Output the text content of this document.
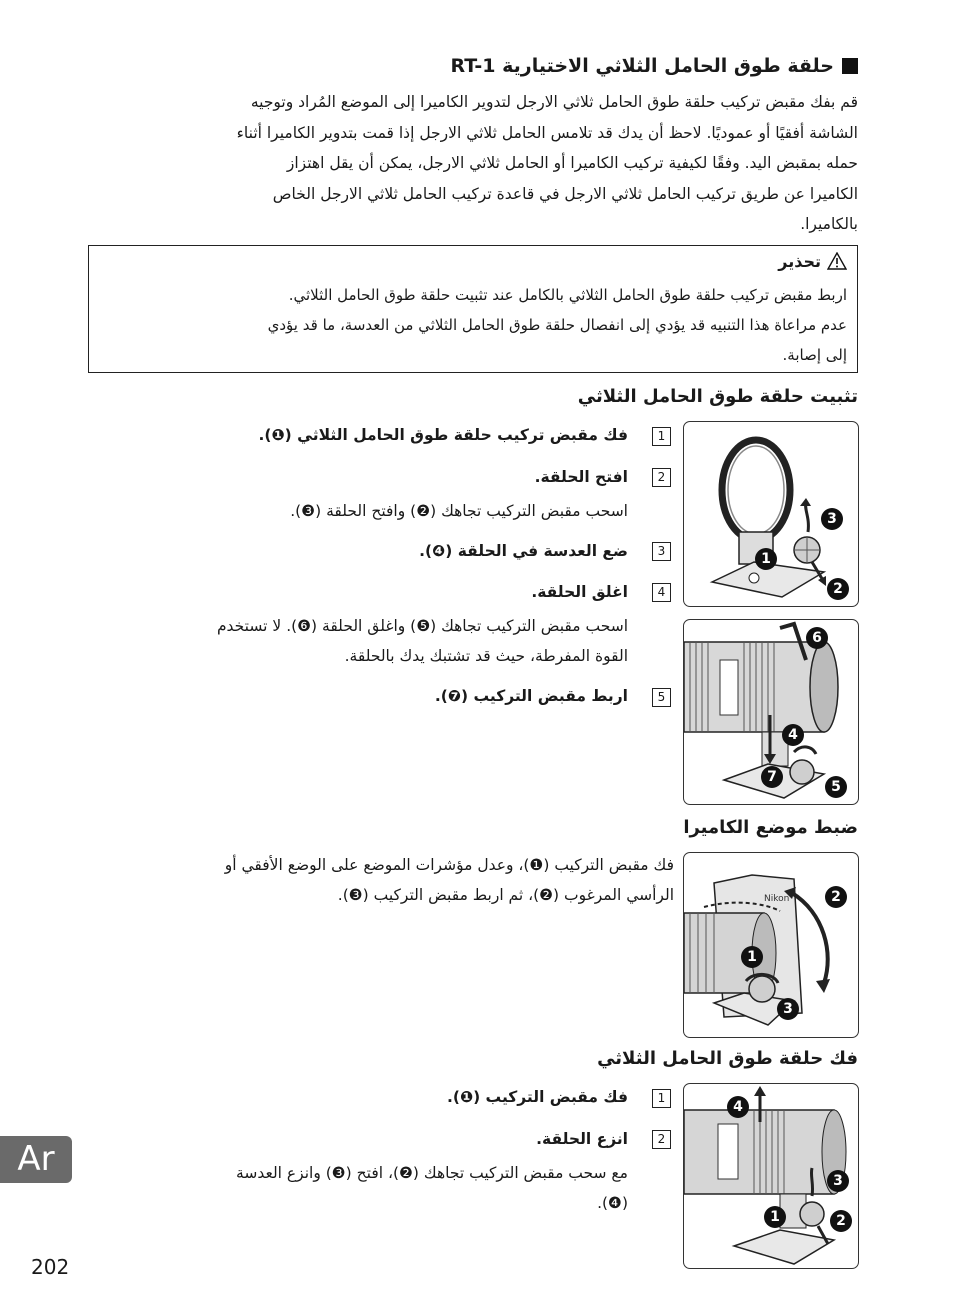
حلقة طوق الحامل الثلاثي الاختيارية RT-1
قم بفك مقبض تركيب حلقة طوق الحامل ثلاثي الارجل لتدوير الكاميرا إلى الموضع المُراد وتوجيه
الشاشة أفقيًا أو عموديًا. لاحظ أن يدك قد تلامس الحامل ثلاثي الارجل إذا قمت بتدوير الكاميرا أثناء
حمله بمقبض اليد. وفقًا لكيفية تركيب الكاميرا أو الحامل ثلاثي الارجل، يمكن أن يقل اهتزاز
الكاميرا عن طريق تركيب الحامل ثلاثي الارجل في قاعدة تركيب الحامل ثلاثي الارجل الخاص
بالكاميرا.
تحذير
اربط مقبض تركيب حلقة طوق الحامل الثلاثي بالكامل عند تثبيت حلقة طوق الحامل الثلاثي.
عدم مراعاة هذا التنبيه قد يؤدي إلى انفصال حلقة طوق الحامل الثلاثي من العدسة، ما قد يؤدي
إلى إصابة.
تثبيت حلقة طوق الحامل الثلاثي
1
فك مقبض تركيب حلقة طوق الحامل الثلاثي (❶).
2
افتح الحلقة.
اسحب مقبض التركيب تجاهك (❷) وافتح الحلقة (❸).
3
ضع العدسة في الحلقة (❹).
4
اغلق الحلقة.
اسحب مقبض التركيب تجاهك (❺) واغلق الحلقة (❻). لا تستخدم
القوة المفرطة، حيث قد تشتبك يدك بالحلقة.
5
اربط مقبض التركيب (❼).
3
1
2
6
4
7
5
ضبط موضع الكاميرا
فك مقبض التركيب (❶)، وعدل مؤشرات الموضع على الوضع الأفقي أو
الرأسي المرغوب (❷)، ثم اربط مقبض التركيب (❸).	Nikon	2
1
3
فك حلقة طوق الحامل الثلاثي
1
فك مقبض التركيب (❶).
2
انزع الحلقة.
مع سحب مقبض التركيب تجاهك (❷)، افتح (❸) وانزع العدسة
(❹).
4
3
1	2
Ar
202
